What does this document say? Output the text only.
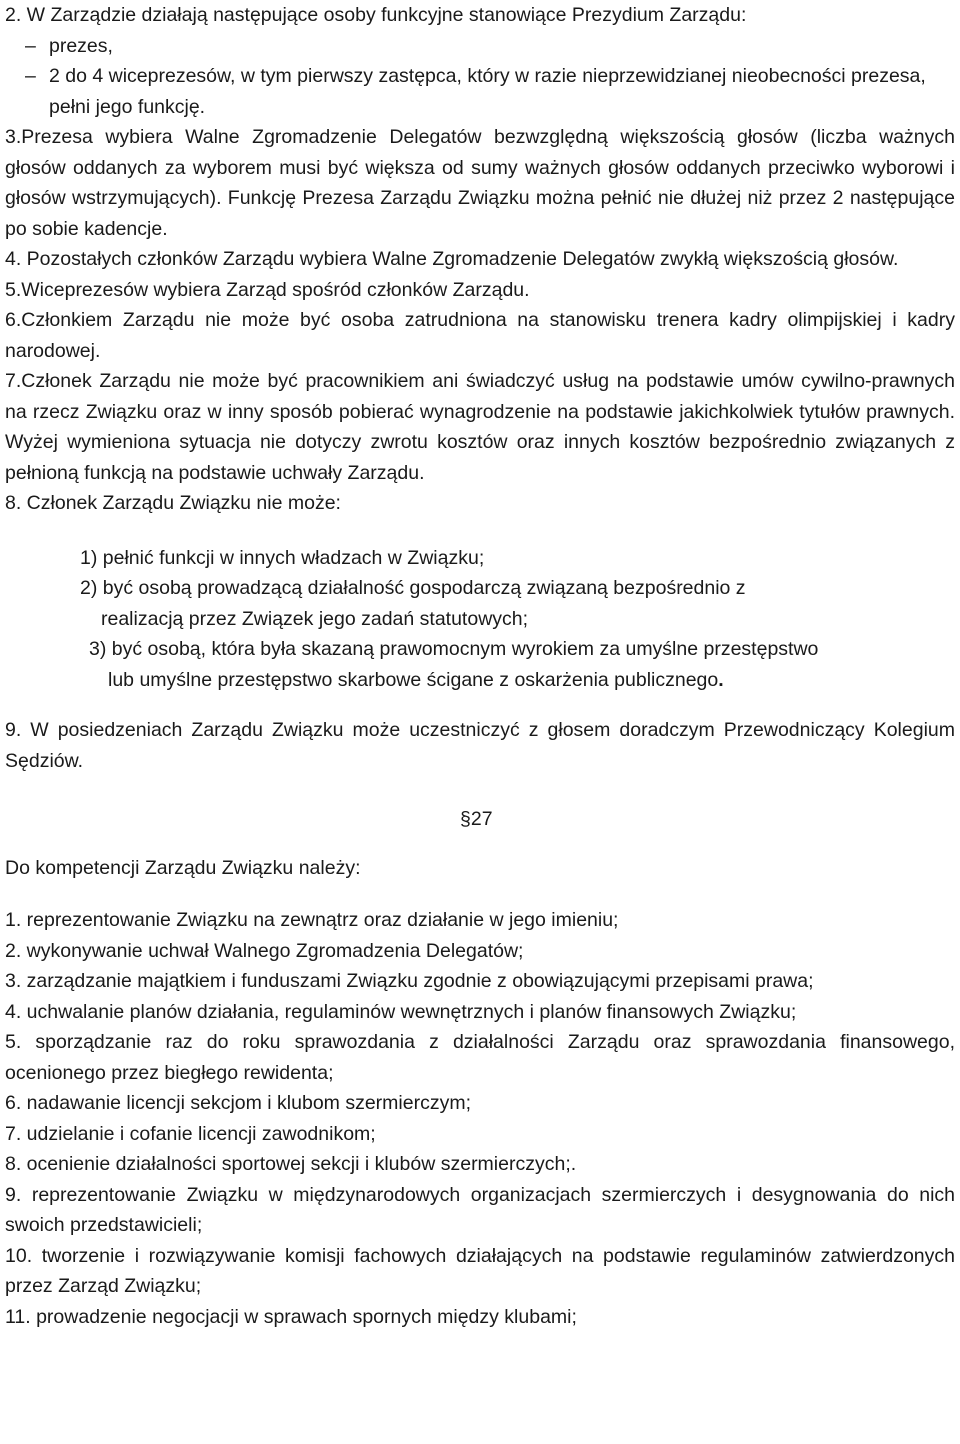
2. W Zarządzie działają następujące osoby funkcyjne stanowiące Prezydium Zarządu:

– prezes,
– 2 do 4 wiceprezesów, w tym pierwszy zastępca, który w razie nieprzewidzianej nieobecności prezesa, pełni jego funkcję.

3.Prezesa wybiera Walne Zgromadzenie Delegatów bezwzględną większością głosów (liczba ważnych głosów oddanych za wyborem musi być większa od sumy ważnych głosów oddanych przeciwko wyborowi i głosów wstrzymujących). Funkcję Prezesa Zarządu Związku można pełnić nie dłużej niż przez 2 następujące po sobie kadencje.

4. Pozostałych członków Zarządu wybiera Walne Zgromadzenie Delegatów zwykłą większością głosów.

5.Wiceprezesów wybiera Zarząd spośród członków Zarządu.

6.Członkiem Zarządu nie może być osoba zatrudniona na stanowisku trenera kadry olimpijskiej i kadry narodowej.

7.Członek Zarządu nie może być pracownikiem ani świadczyć usług na podstawie umów cywilno-prawnych na rzecz Związku oraz w inny sposób pobierać wynagrodzenie na podstawie jakichkolwiek tytułów prawnych. Wyżej wymieniona sytuacja nie dotyczy zwrotu kosztów oraz innych kosztów bezpośrednio związanych z pełnioną funkcją na podstawie uchwały Zarządu.

8. Członek Zarządu Związku nie może:

1) pełnić funkcji w innych władzach w Związku;

2) być osobą prowadzącą działalność gospodarczą związaną bezpośrednio z

realizacją przez Związek jego zadań statutowych;

3) być osobą, która była skazaną prawomocnym wyrokiem za umyślne przestępstwo

lub umyślne przestępstwo skarbowe ścigane z oskarżenia publicznego.

9. W posiedzeniach Zarządu Związku może uczestniczyć z głosem doradczym Przewodniczący Kolegium Sędziów.

§27

Do kompetencji Zarządu Związku należy:

1. reprezentowanie Związku na zewnątrz oraz działanie w jego imieniu;

2. wykonywanie uchwał Walnego Zgromadzenia Delegatów;

3. zarządzanie majątkiem i funduszami Związku zgodnie z obowiązującymi przepisami prawa;

4. uchwalanie planów działania, regulaminów wewnętrznych i planów finansowych Związku;

5. sporządzanie raz do roku sprawozdania z działalności Zarządu oraz sprawozdania finansowego, ocenionego przez biegłego rewidenta;

6. nadawanie licencji sekcjom i klubom szermierczym;

7. udzielanie i cofanie licencji zawodnikom;

8. ocenienie działalności sportowej sekcji i klubów szermierczych;.

9. reprezentowanie Związku w międzynarodowych organizacjach szermierczych i desygnowania do nich swoich przedstawicieli;

10. tworzenie i rozwiązywanie komisji fachowych działających na podstawie regulaminów zatwierdzonych przez Zarząd Związku;

11. prowadzenie negocjacji w sprawach spornych między klubami;
